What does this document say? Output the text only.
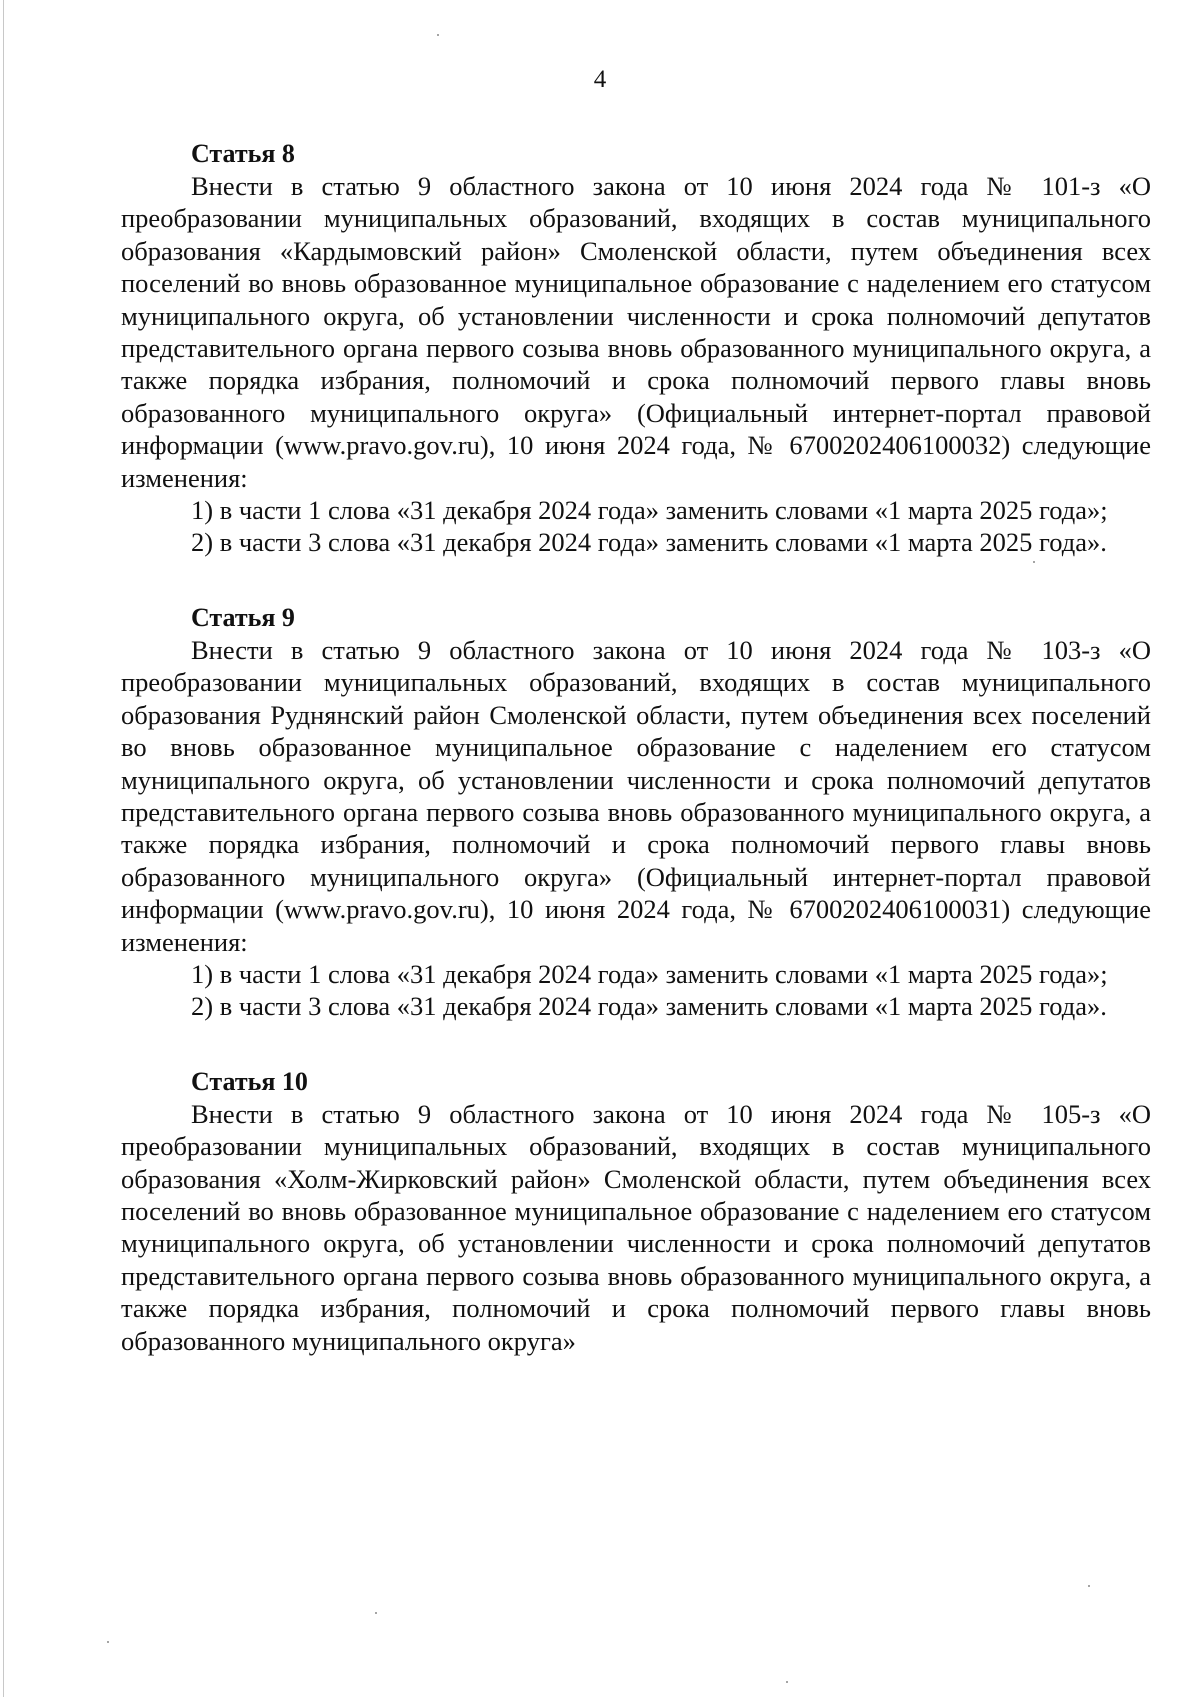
4
Статья 8

Внести в статью 9 областного закона от 10 июня 2024 года № 101-з «О преобразовании муниципальных образований, входящих в состав муниципального образования «Кардымовский район» Смоленской области, путем объединения всех поселений во вновь образованное муниципальное образование с наделением его статусом муниципального округа, об установлении численности и срока полномочий депутатов представительного органа первого созыва вновь образованного муниципального округа, а также порядка избрания, полномочий и срока полномочий первого главы вновь образованного муниципального округа» (Официальный интернет-портал правовой информации (www.pravo.gov.ru), 10 июня 2024 года, № 6700202406100032) следующие изменения:

1) в части 1 слова «31 декабря 2024 года» заменить словами «1 марта 2025 года»;

2) в части 3 слова «31 декабря 2024 года» заменить словами «1 марта 2025 года».

Статья 9

Внести в статью 9 областного закона от 10 июня 2024 года № 103-з «О преобразовании муниципальных образований, входящих в состав муниципального образования Руднянский район Смоленской области, путем объединения всех поселений во вновь образованное муниципальное образование с наделением его статусом муниципального округа, об установлении численности и срока полномочий депутатов представительного органа первого созыва вновь образованного муниципального округа, а также порядка избрания, полномочий и срока полномочий первого главы вновь образованного муниципального округа» (Официальный интернет-портал правовой информации (www.pravo.gov.ru), 10 июня 2024 года, № 6700202406100031) следующие изменения:

1) в части 1 слова «31 декабря 2024 года» заменить словами «1 марта 2025 года»;

2) в части 3 слова «31 декабря 2024 года» заменить словами «1 марта 2025 года».

Статья 10

Внести в статью 9 областного закона от 10 июня 2024 года № 105-з «О преобразовании муниципальных образований, входящих в состав муниципального образования «Холм-Жирковский район» Смоленской области, путем объединения всех поселений во вновь образованное муниципальное образование с наделением его статусом муниципального округа, об установлении численности и срока полномочий депутатов представительного органа первого созыва вновь образованного муниципального округа, а также порядка избрания, полномочий и срока полномочий первого главы вновь образованного муниципального округа»
